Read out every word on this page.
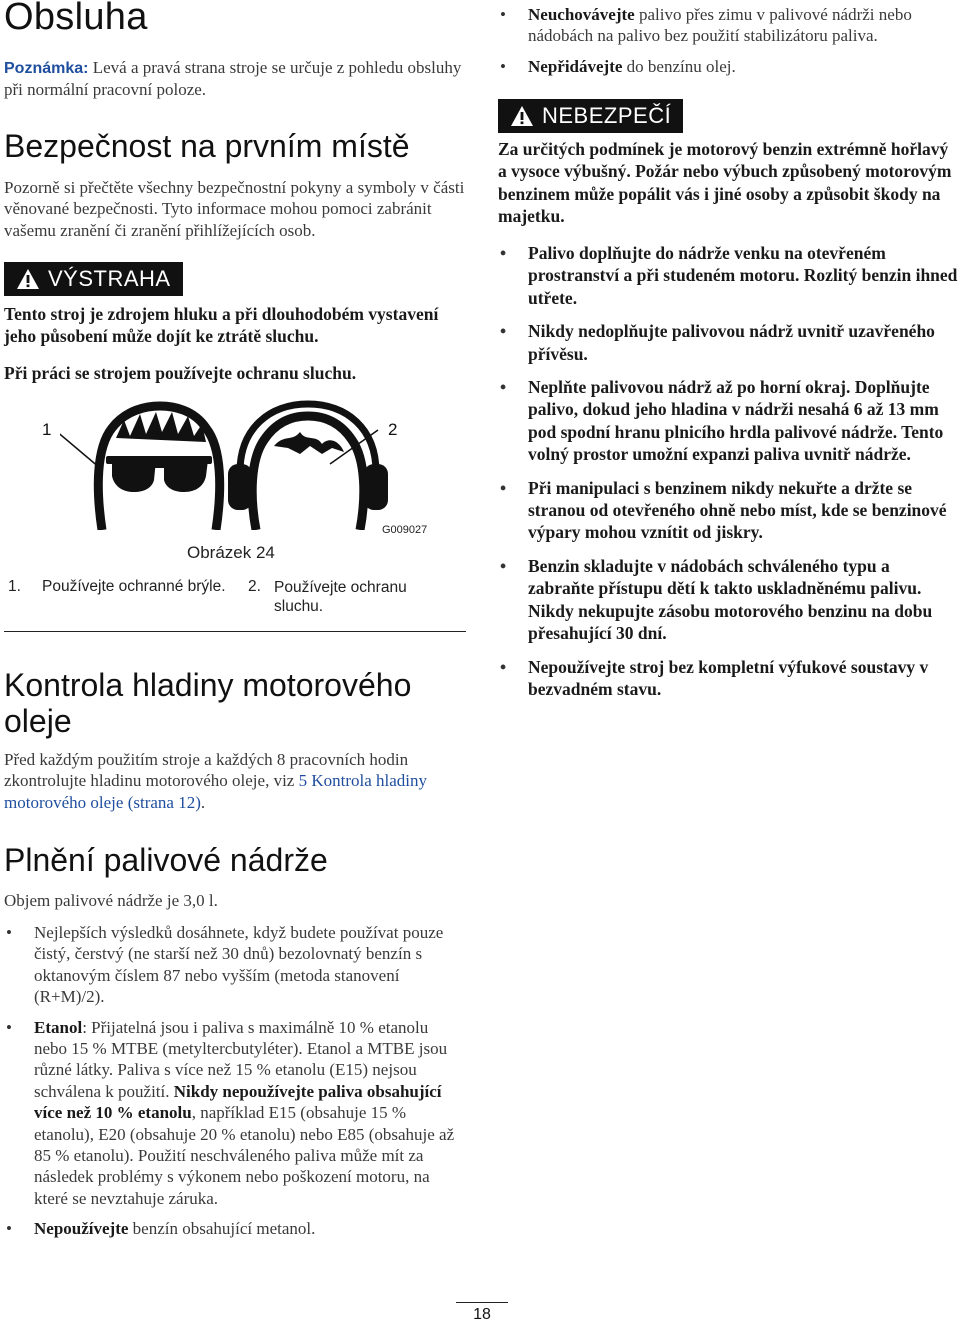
Obsluha
Poznámka: Levá a pravá strana stroje se určuje z pohledu obsluhy při normální pracovní poloze.
Bezpečnost na prvním místě
Pozorně si přečtěte všechny bezpečnostní pokyny a symboly v části věnované bezpečnosti. Tyto informace mohou pomoci zabránit vašemu zranění či zranění přihlížejících osob.
VÝSTRAHA
Tento stroj je zdrojem hluku a při dlouhodobém vystavení jeho působení může dojít ke ztrátě sluchu.
Při práci se strojem používejte ochranu sluchu.
1	2
G009027
Obrázek 24
1. Používejte ochranné brýle. 2. Používejte ochranu sluchu.
Kontrola hladiny motorového oleje
Před každým použitím stroje a každých 8 pracovních hodin zkontrolujte hladinu motorového oleje, viz 5 Kontrola hladiny motorového oleje (strana 12).
Plnění palivové nádrže
Objem palivové nádrže je 3,0 l.
• Nejlepších výsledků dosáhnete, když budete používat pouze čistý, čerstvý (ne starší než 30 dnů) bezolovnatý benzín s oktanovým číslem 87 nebo vyšším (metoda stanovení (R+M)/2).
• Etanol: Přijatelná jsou i paliva s maximálně 10 % etanolu nebo 15 % MTBE (metyltercbutyléter). Etanol a MTBE jsou různé látky. Paliva s více než 15 % etanolu (E15) nejsou schválena k použití. Nikdy nepoužívejte paliva obsahující více než 10 % etanolu, například E15 (obsahuje 15 % etanolu), E20 (obsahuje 20 % etanolu) nebo E85 (obsahuje až 85 % etanolu). Použití neschváleného paliva může mít za následek problémy s výkonem nebo poškození motoru, na které se nevztahuje záruka.
• Nepoužívejte benzín obsahující metanol.
• Neuchovávejte palivo přes zimu v palivové nádrži nebo nádobách na palivo bez použití stabilizátoru paliva.
• Nepřidávejte do benzínu olej.
NEBEZPEČÍ
Za určitých podmínek je motorový benzin extrémně hořlavý a vysoce výbušný. Požár nebo výbuch způsobený motorovým benzinem může popálit vás i jiné osoby a způsobit škody na majetku.
• Palivo doplňujte do nádrže venku na otevřeném prostranství a při studeném motoru. Rozlitý benzin ihned utřete.
• Nikdy nedoplňujte palivovou nádrž uvnitř uzavřeného přívěsu.
• Neplňte palivovou nádrž až po horní okraj. Doplňujte palivo, dokud jeho hladina v nádrži nesahá 6 až 13 mm pod spodní hranu plnicího hrdla palivové nádrže. Tento volný prostor umožní expanzi paliva uvnitř nádrže.
• Při manipulaci s benzinem nikdy nekuřte a držte se stranou od otevřeného ohně nebo míst, kde se benzinové výpary mohou vznítit od jiskry.
• Benzin skladujte v nádobách schváleného typu a zabraňte přístupu dětí k takto uskladněnému palivu. Nikdy nekupujte zásobu motorového benzinu na dobu přesahující 30 dní.
• Nepoužívejte stroj bez kompletní výfukové soustavy v bezvadném stavu.
18
